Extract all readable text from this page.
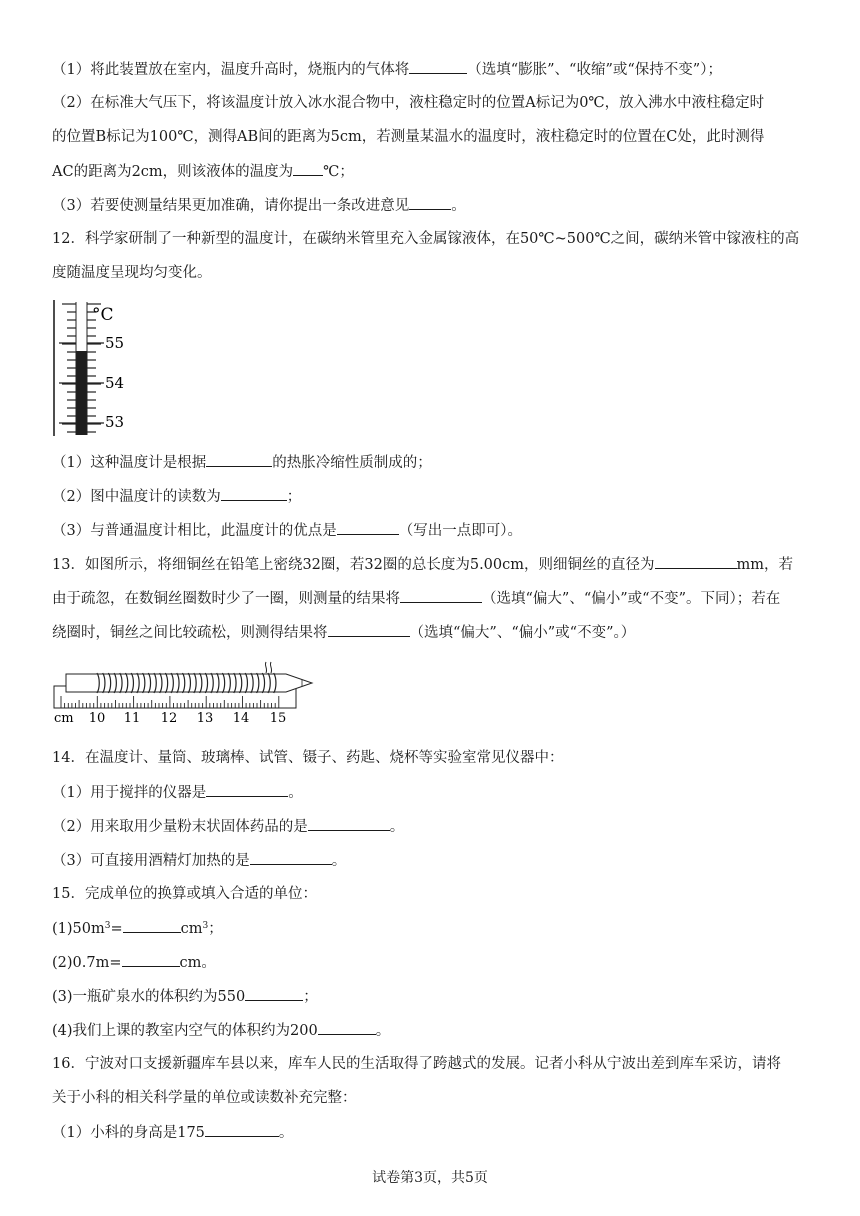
（1）将此装置放在室内，温度升高时，烧瓶内的气体将	（选填“膨胀”、“收缩”或“保持不变”）；
（2）在标准大气压下，将该温度计放入冰水混合物中，液柱稳定时的位置A标记为0℃，放入沸水中液柱稳定时
的位置B标记为100℃，测得AB间的距离为5cm，若测量某温水的温度时，液柱稳定时的位置在C处，此时测得
AC的距离为2cm，则该液体的温度为 ℃；
（3）若要使测量结果更加准确，请你提出一条改进意见	。
12．科学家研制了一种新型的温度计，在碳纳米管里充入金属镓液体，在50℃~500℃之间，碳纳米管中镓液柱的高
度随温度呈现均匀变化。
°C
55
54
53
（1）这种温度计是根据	的热胀冷缩性质制成的；
（2）图中温度计的读数为	；
（3）与普通温度计相比，此温度计的优点是	（写出一点即可）。
13．如图所示，将细铜丝在铅笔上密绕32圈，若32圈的总长度为5.00cm，则细铜丝的直径为	mm，若
由于疏忽，在数铜丝圈数时少了一圈，则测量的结果将	（选填“偏大”、“偏小”或“不变”。下同）；若在
绕圈时，铜丝之间比较疏松，则测得结果将	（选填“偏大”、“偏小”或“不变”。）
cm 10 11 12 13 14 15
14．在温度计、量筒、玻璃棒、试管、镊子、药匙、烧杯等实验室常见仪器中：
（1）用于搅拌的仪器是	。
（2）用来取用少量粉末状固体药品的是	。
（3）可直接用酒精灯加热的是	。
15．完成单位的换算或填入合适的单位：
$(1)50m^3=$	$cm^3$；
(2)0.7m=	cm。
(3)一瓶矿泉水的体积约为550	；
(4)我们上课的教室内空气的体积约为200	。
16．宁波对口支援新疆库车县以来，库车人民的生活取得了跨越式的发展。记者小科从宁波出差到库车采访，请将
关于小科的相关科学量的单位或读数补充完整：
（1）小科的身高是175	。
试卷第3页，共5页
